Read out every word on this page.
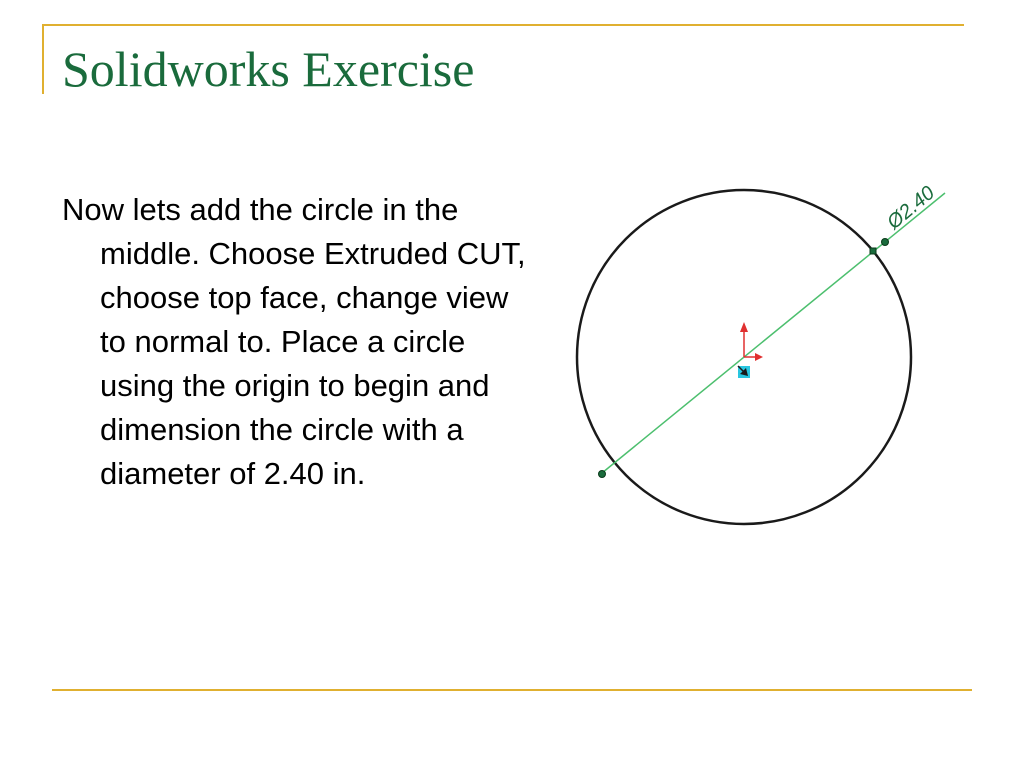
Solidworks Exercise

Now lets add the circle in the middle. Choose Extruded CUT, choose top face, change view to normal to. Place a circle using the origin to begin and dimension the circle with a diameter of 2.40 in.

Ø2.40
